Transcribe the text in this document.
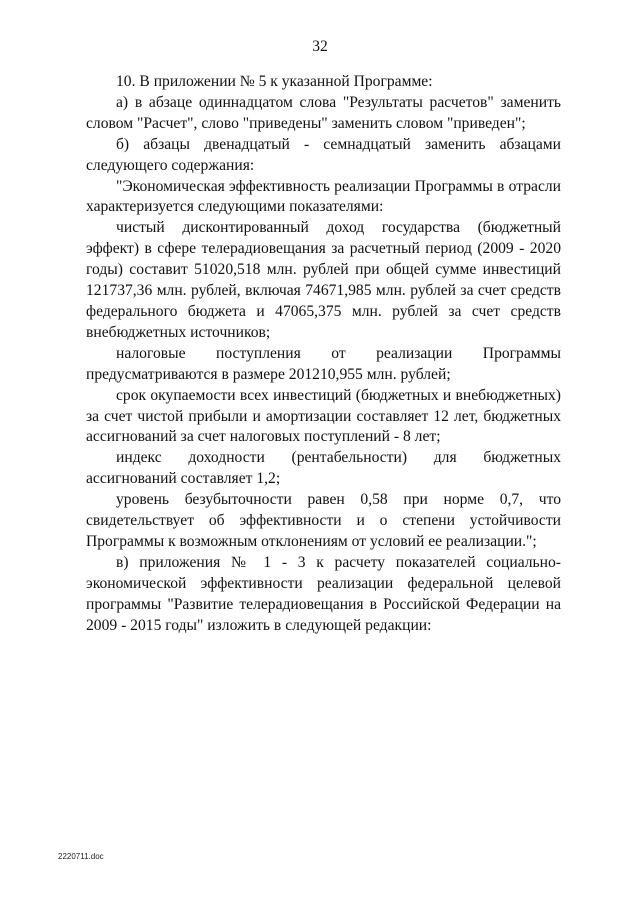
32

10. В приложении № 5 к указанной Программе:

а) в абзаце одиннадцатом слова "Результаты расчетов" заменить словом "Расчет", слово "приведены" заменить словом "приведен";

б) абзацы двенадцатый - семнадцатый заменить абзацами следующего содержания:

"Экономическая эффективность реализации Программы в отрасли характеризуется следующими показателями:

чистый дисконтированный доход государства (бюджетный эффект) в сфере телерадиовещания за расчетный период (2009 - 2020 годы) составит 51020,518 млн. рублей при общей сумме инвестиций 121737,36 млн. рублей, включая 74671,985 млн. рублей за счет средств федерального бюджета и 47065,375 млн. рублей за счет средств внебюджетных источников;

налоговые поступления от реализации Программы предусматриваются в размере 201210,955 млн. рублей;

срок окупаемости всех инвестиций (бюджетных и внебюджетных) за счет чистой прибыли и амортизации составляет 12 лет, бюджетных ассигнований за счет налоговых поступлений - 8 лет;

индекс доходности (рентабельности) для бюджетных ассигнований составляет 1,2;

уровень безубыточности равен 0,58 при норме 0,7, что свидетельствует об эффективности и о степени устойчивости Программы к возможным отклонениям от условий ее реализации.";

в) приложения № 1 - 3 к расчету показателей социально-экономической эффективности реализации федеральной целевой программы "Развитие телерадиовещания в Российской Федерации на 2009 - 2015 годы" изложить в следующей редакции:

2220711.doc
